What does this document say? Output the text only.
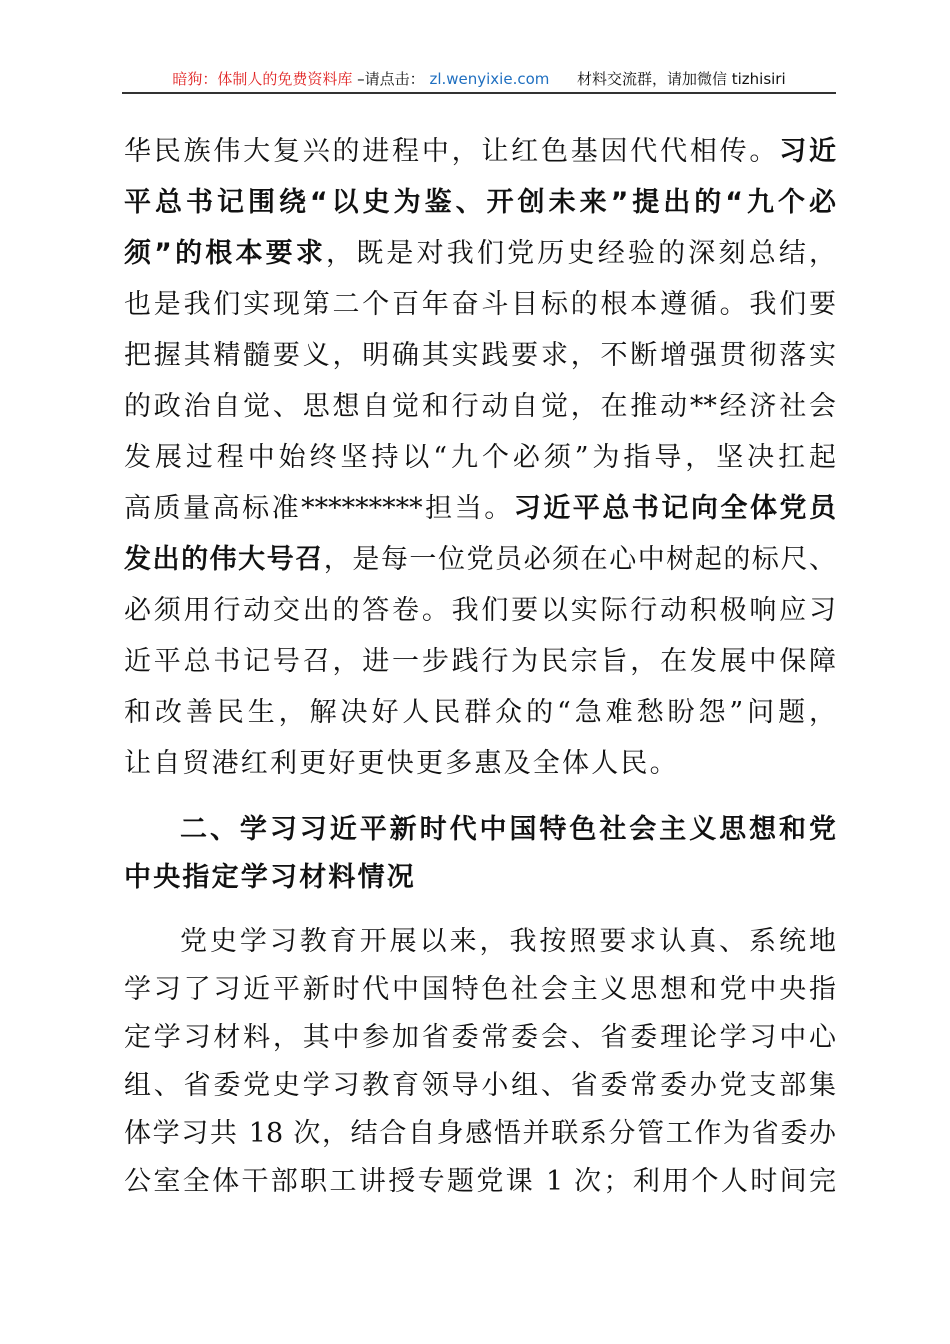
暗狗：体制人的免费资料库 –请点击： zl.wenyixie.com 材料交流群，请加微信 tizhisiri
华民族伟大复兴的进程中，让红色基因代代相传。习近
平总书记围绕“以史为鉴、开创未来”提出的“九个必
须”的根本要求，既是对我们党历史经验的深刻总结，
也是我们实现第二个百年奋斗目标的根本遵循。我们要
把握其精髓要义，明确其实践要求，不断增强贯彻落实
的政治自觉、思想自觉和行动自觉，在推动**经济社会
发展过程中始终坚持以“九个必须”为指导，坚决扛起
高质量高标准*********担当。习近平总书记向全体党员
发出的伟大号召，是每一位党员必须在心中树起的标尺、
必须用行动交出的答卷。我们要以实际行动积极响应习
近平总书记号召，进一步践行为民宗旨，在发展中保障
和改善民生，解决好人民群众的“急难愁盼怨”问题，
让自贸港红利更好更快更多惠及全体人民。
二、学习习近平新时代中国特色社会主义思想和党
中央指定学习材料情况
党史学习教育开展以来，我按照要求认真、系统地
学习了习近平新时代中国特色社会主义思想和党中央指
定学习材料，其中参加省委常委会、省委理论学习中心
组、省委党史学习教育领导小组、省委常委办党支部集
体学习共 18 次，结合自身感悟并联系分管工作为省委办
公室全体干部职工讲授专题党课 1 次；利用个人时间完
